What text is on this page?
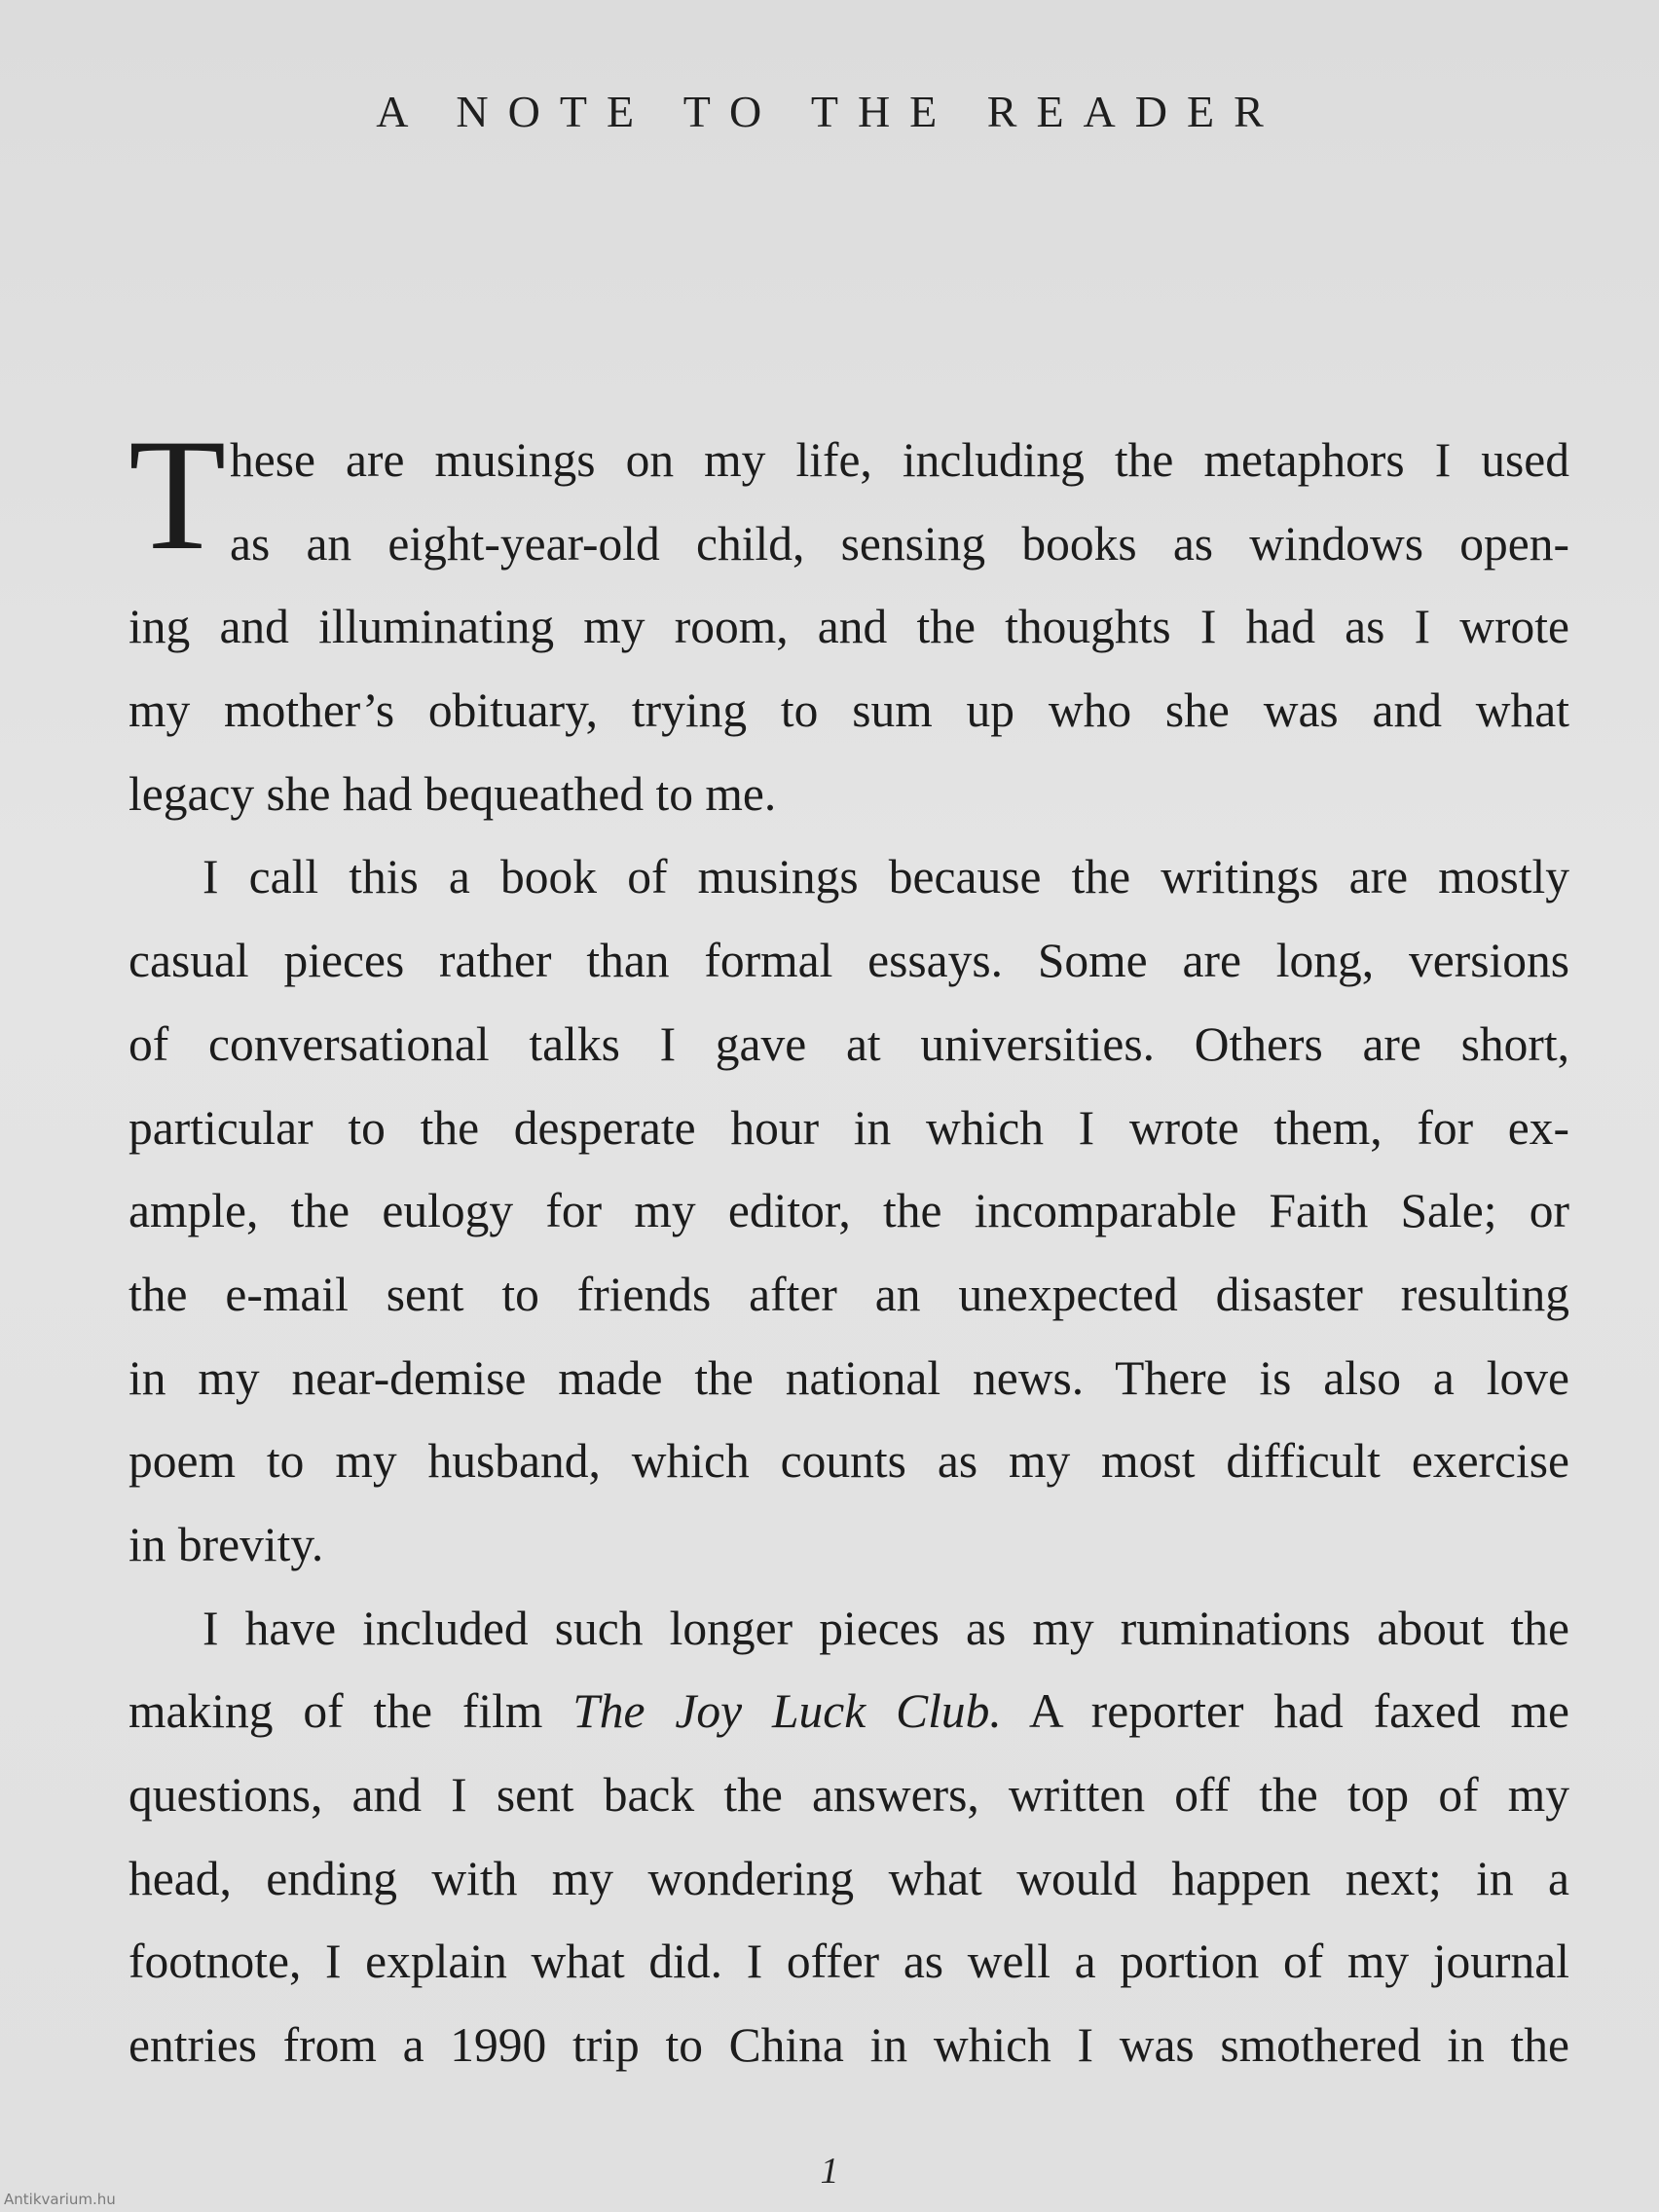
A NOTE TO THE READER
T hese are musings on my life, including the metaphors I used
as an eight-year-old child, sensing books as windows open-
ing and illuminating my room, and the thoughts I had as I wrote
my mother’s obituary, trying to sum up who she was and what
legacy she had bequeathed to me.
I call this a book of musings because the writings are mostly
casual pieces rather than formal essays. Some are long, versions
of conversational talks I gave at universities. Others are short,
particular to the desperate hour in which I wrote them, for ex-
ample, the eulogy for my editor, the incomparable Faith Sale; or
the e-mail sent to friends after an unexpected disaster resulting
in my near-demise made the national news. There is also a love
poem to my husband, which counts as my most difficult exercise
in brevity.
I have included such longer pieces as my ruminations about the
making of the film The Joy Luck Club. A reporter had faxed me
questions, and I sent back the answers, written off the top of my
head, ending with my wondering what would happen next; in a
footnote, I explain what did. I offer as well a portion of my journal
entries from a 1990 trip to China in which I was smothered in the
1
Antikvarium.hu
